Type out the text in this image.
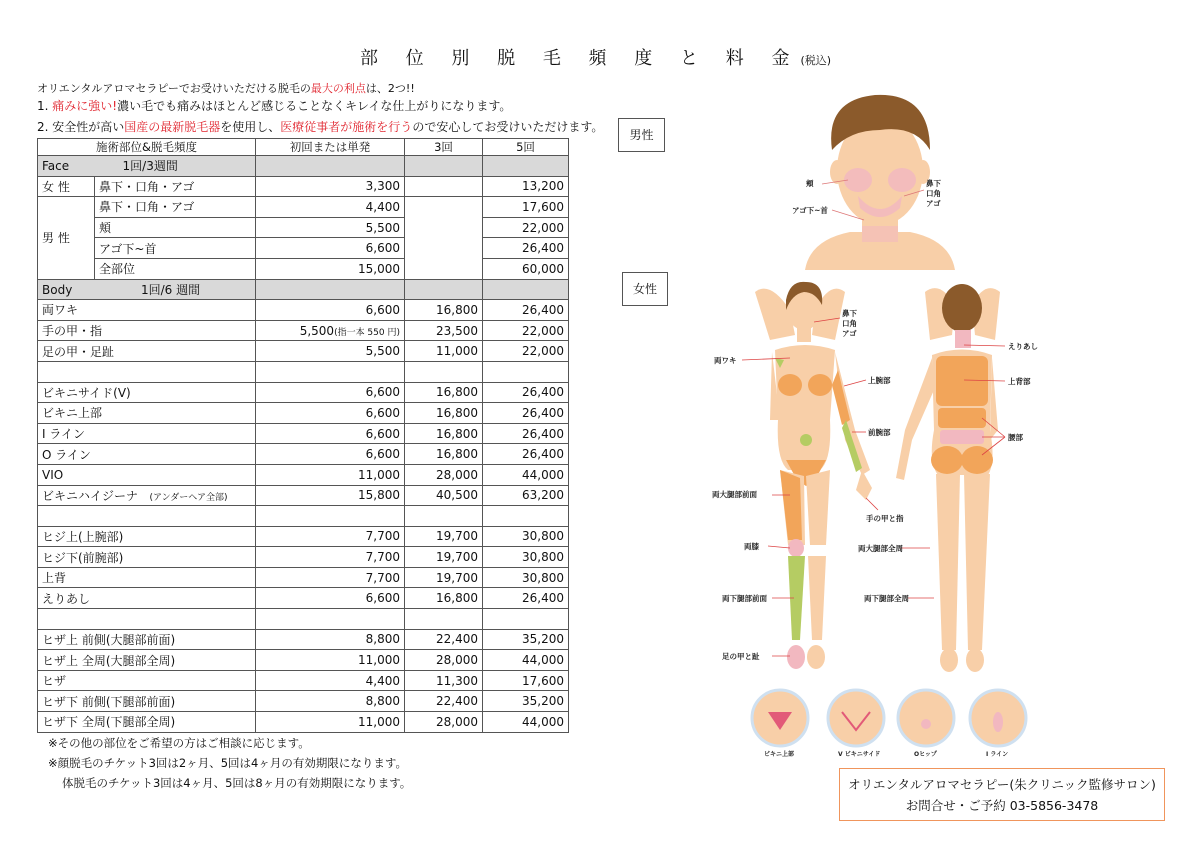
部 位 別 脱 毛 頻 度 と 料 金(税込)
オリエンタルアロマセラピーでお受けいただける脱毛の最大の利点は、2つ!!
1. 痛みに強い!濃い毛でも痛みはほとんど感じることなくキレイな仕上がりになります。
2. 安全性が高い国産の最新脱毛器を使用し、医療従事者が施術を行うので安心してお受けいただけます。
施術部位&脱毛頻度		初回または単発	3回	5回
Face 1回/3週間				
女 性	鼻下・口角・アゴ	3,300		13,200
男 性	鼻下・口角・アゴ	4,400		17,600
	頬	5,500		22,000
	アゴ下~首	6,600		26,400
	全部位	15,000		60,000
Body 1回/6 週間				
両ワキ		6,600	16,800	26,400
手の甲・指		5,500(指一本 550 円)	23,500	22,000
足の甲・足趾		5,500	11,000	22,000

ビキニサイド(V)		6,600	16,800	26,400
ビキニ上部		6,600	16,800	26,400
I ライン		6,600	16,800	26,400
O ライン		6,600	16,800	26,400
VIO		11,000	28,000	44,000
ビキニハイジーナ (アンダーヘア全部)		15,800	40,500	63,200

ヒジ上(上腕部)		7,700	19,700	30,800
ヒジ下(前腕部)		7,700	19,700	30,800
上背		7,700	19,700	30,800
えりあし		6,600	16,800	26,400

ヒザ上 前側(大腿部前面)		8,800	22,400	35,200
ヒザ上 全周(大腿部全周)		11,000	28,000	44,000
ヒザ		4,400	11,300	17,600
ヒザ下 前側(下腿部前面)		8,800	22,400	35,200
ヒザ下 全周(下腿部全周)		11,000	28,000	44,000
※その他の部位をご希望の方はご相談に応じます。
※顔脱毛のチケット3回は2ヶ月、5回は4ヶ月の有効期限になります。
体脱毛のチケット3回は4ヶ月、5回は8ヶ月の有効期限になります。
男性
女性
頬
アゴ下~首
鼻下
口角
アゴ
鼻下
口角
アゴ
両ワキ
上腕部
前腕部
手の甲と指
両大腿部前面
両膝
両下腿部前面
足の甲と趾
えりあし
上背部
腰部
両大腿部全周
両下腿部全周
ビキニ上部	V ビキニサイド	Oヒップ	I ライン
オリエンタルアロマセラピー(朱クリニック監修サロン)
お問合せ・ご予約 03-5856-3478
